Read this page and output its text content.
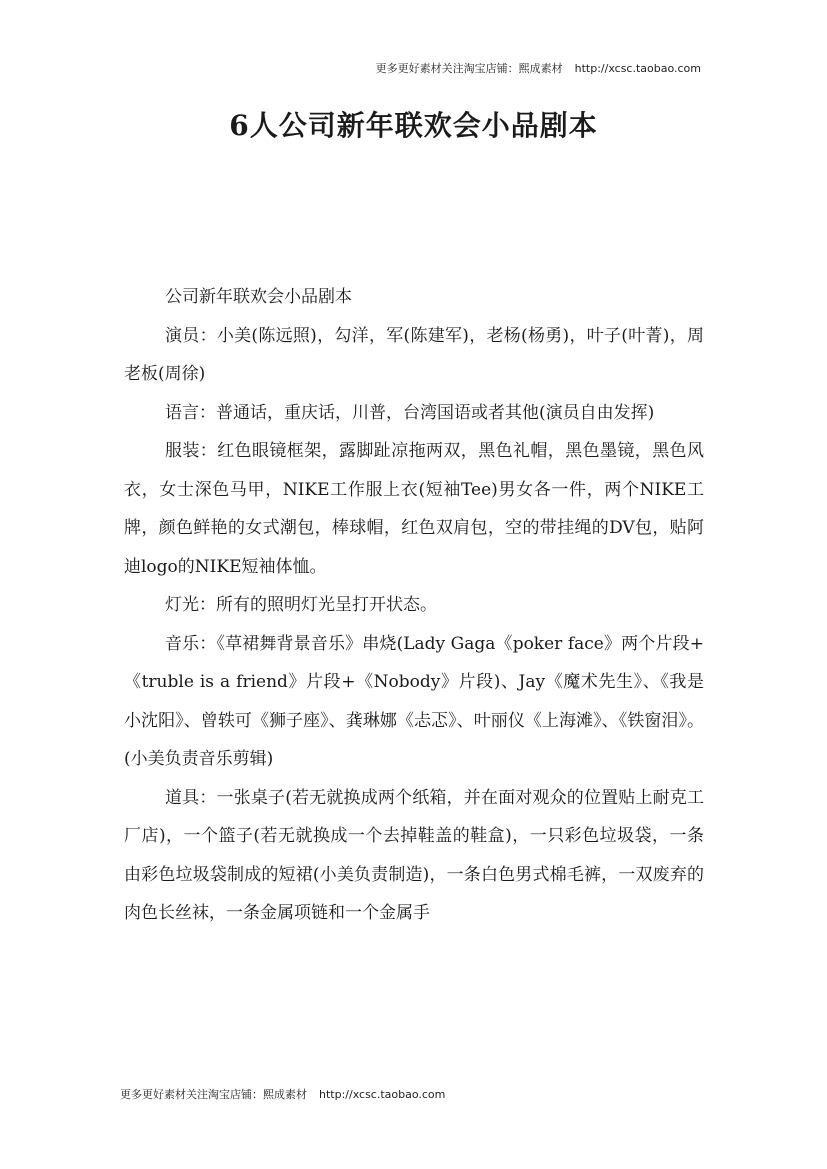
更多更好素材关注淘宝店铺：熙成素材 http://xcsc.taobao.com
6人公司新年联欢会小品剧本

公司新年联欢会小品剧本

演员：小美(陈远照)，勾洋，军(陈建军)，老杨(杨勇)，叶子(叶菁)，周老板(周徐)

语言：普通话，重庆话，川普，台湾国语或者其他(演员自由发挥)

服装：红色眼镜框架，露脚趾凉拖两双，黑色礼帽，黑色墨镜，黑色风衣，女士深色马甲，NIKE工作服上衣(短袖Tee)男女各一件，两个NIKE工牌，颜色鲜艳的女式潮包，棒球帽，红色双肩包，空的带挂绳的DV包，贴阿迪logo的NIKE短袖体恤。

灯光：所有的照明灯光呈打开状态。

音乐：《草裙舞背景音乐》串烧(Lady Gaga《poker face》两个片段+《truble is a friend》片段+《Nobody》片段)、Jay《魔术先生》、《我是小沈阳》、曾轶可《狮子座》、龚琳娜《忐忑》、叶丽仪《上海滩》、《铁窗泪》。(小美负责音乐剪辑)

道具：一张桌子(若无就换成两个纸箱，并在面对观众的位置贴上耐克工厂店)，一个篮子(若无就换成一个去掉鞋盖的鞋盒)，一只彩色垃圾袋，一条由彩色垃圾袋制成的短裙(小美负责制造)，一条白色男式棉毛裤，一双废弃的肉色长丝袜，一条金属项链和一个金属手

更多更好素材关注淘宝店铺：熙成素材 http://xcsc.taobao.com
